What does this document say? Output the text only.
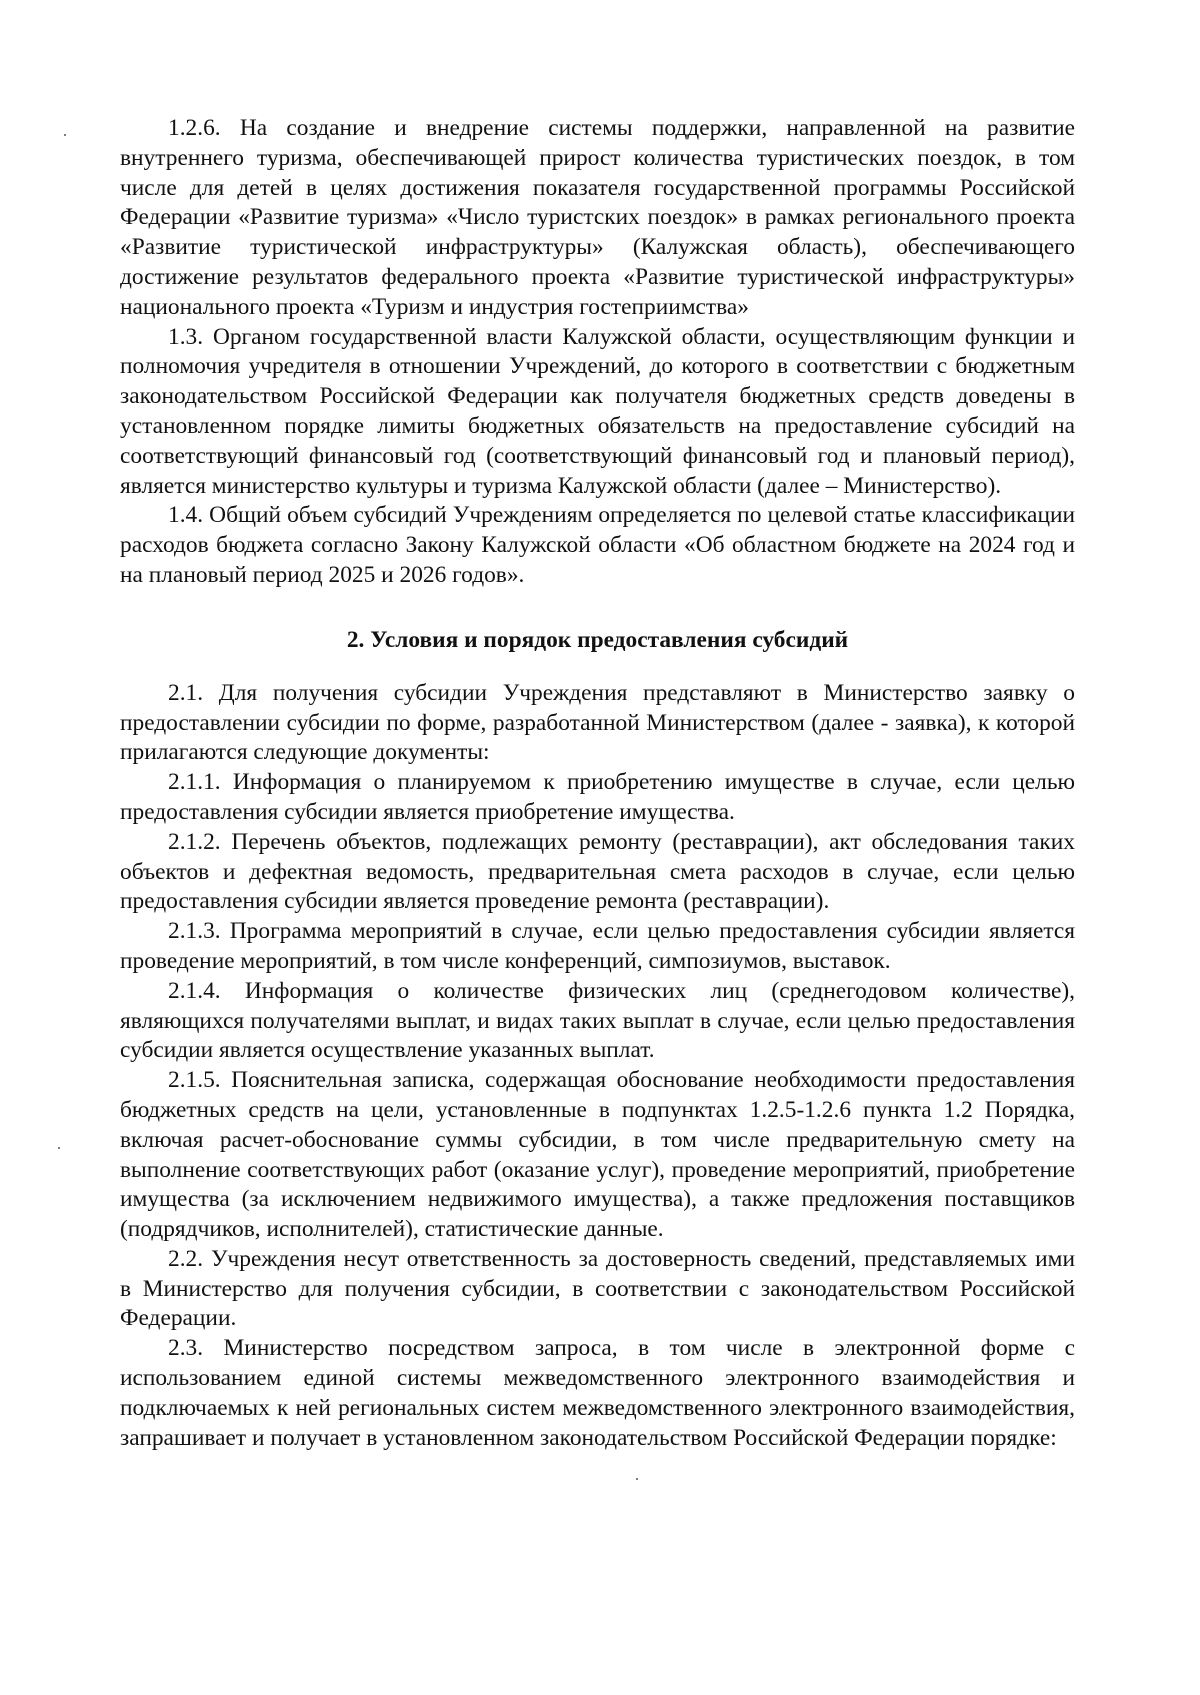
1.2.6. На создание и внедрение системы поддержки, направленной на развитие внутреннего туризма, обеспечивающей прирост количества туристических поездок, в том числе для детей в целях достижения показателя государственной программы Российской Федерации «Развитие туризма» «Число туристских поездок» в рамках регионального проекта «Развитие туристической инфраструктуры» (Калужская область), обеспечивающего достижение результатов федерального проекта «Развитие туристической инфраструктуры» национального проекта «Туризм и индустрия гостеприимства»

1.3. Органом государственной власти Калужской области, осуществляющим функции и полномочия учредителя в отношении Учреждений, до которого в соответствии с бюджетным законодательством Российской Федерации как получателя бюджетных средств доведены в установленном порядке лимиты бюджетных обязательств на предоставление субсидий на соответствующий финансовый год (соответствующий финансовый год и плановый период), является министерство культуры и туризма Калужской области (далее – Министерство).

1.4. Общий объем субсидий Учреждениям определяется по целевой статье классификации расходов бюджета согласно Закону Калужской области «Об областном бюджете на 2024 год и на плановый период 2025 и 2026 годов».

2. Условия и порядок предоставления субсидий

2.1. Для получения субсидии Учреждения представляют в Министерство заявку о предоставлении субсидии по форме, разработанной Министерством (далее - заявка), к которой прилагаются следующие документы:

2.1.1. Информация о планируемом к приобретению имуществе в случае, если целью предоставления субсидии является приобретение имущества.

2.1.2. Перечень объектов, подлежащих ремонту (реставрации), акт обследования таких объектов и дефектная ведомость, предварительная смета расходов в случае, если целью предоставления субсидии является проведение ремонта (реставрации).

2.1.3. Программа мероприятий в случае, если целью предоставления субсидии является проведение мероприятий, в том числе конференций, симпозиумов, выставок.

2.1.4. Информация о количестве физических лиц (среднегодовом количестве), являющихся получателями выплат, и видах таких выплат в случае, если целью предоставления субсидии является осуществление указанных выплат.

2.1.5. Пояснительная записка, содержащая обоснование необходимости предоставления бюджетных средств на цели, установленные в подпунктах 1.2.5-1.2.6 пункта 1.2 Порядка, включая расчет-обоснование суммы субсидии, в том числе предварительную смету на выполнение соответствующих работ (оказание услуг), проведение мероприятий, приобретение имущества (за исключением недвижимого имущества), а также предложения поставщиков (подрядчиков, исполнителей), статистические данные.

2.2. Учреждения несут ответственность за достоверность сведений, представляемых ими в Министерство для получения субсидии, в соответствии с законодательством Российской Федерации.

2.3. Министерство посредством запроса, в том числе в электронной форме с использованием единой системы межведомственного электронного взаимодействия и подключаемых к ней региональных систем межведомственного электронного взаимодействия, запрашивает и получает в установленном законодательством Российской Федерации порядке:
